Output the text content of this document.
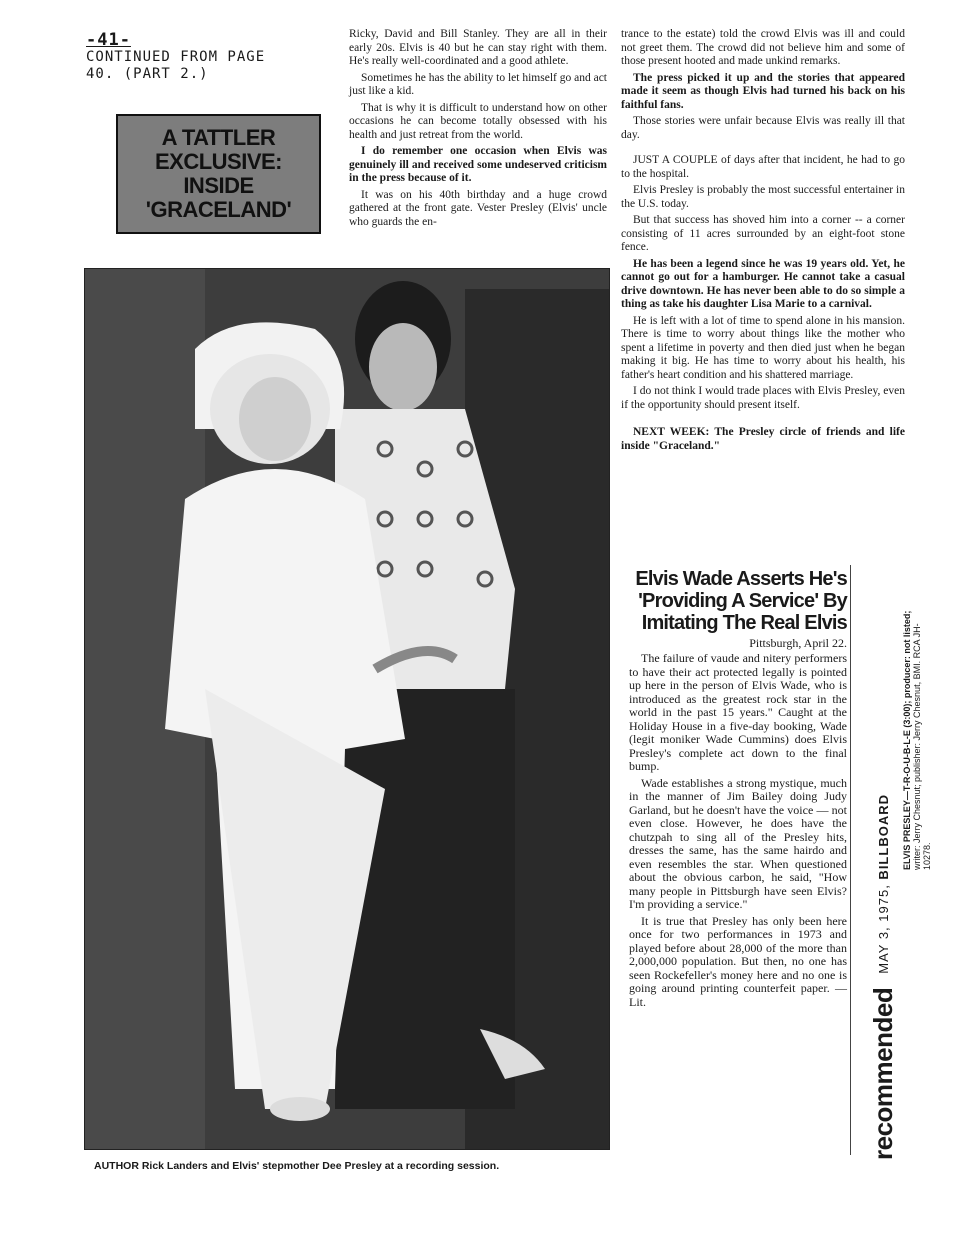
-41-
CONTINUED FROM PAGE
40. (PART 2.)
A TATTLER
EXCLUSIVE:
INSIDE
'GRACELAND'

Ricky, David and Bill Stanley. They are all in their early 20s. Elvis is 40 but he can stay right with them. He's really well-coordinated and a good athlete.

Sometimes he has the ability to let himself go and act just like a kid.

That is why it is difficult to understand how on other occasions he can become totally obsessed with his health and just retreat from the world.

I do remember one occasion when Elvis was genuinely ill and received some undeserved criticism in the press because of it.

It was on his 40th birthday and a huge crowd gathered at the front gate. Vester Presley (Elvis' uncle who guards the en-

trance to the estate) told the crowd Elvis was ill and could not greet them. The crowd did not believe him and some of those present hooted and made unkind remarks.

The press picked it up and the stories that appeared made it seem as though Elvis had turned his back on his faithful fans.

Those stories were unfair because Elvis was really ill that day.

JUST A COUPLE of days after that incident, he had to go to the hospital.

Elvis Presley is probably the most successful entertainer in the U.S. today.

But that success has shoved him into a corner -- a corner consisting of 11 acres surrounded by an eight-foot stone fence.

He has been a legend since he was 19 years old. Yet, he cannot go out for a hamburger. He cannot take a casual drive downtown. He has never been able to do so simple a thing as take his daughter Lisa Marie to a carnival.

He is left with a lot of time to spend alone in his mansion. There is time to worry about things like the mother who spent a lifetime in poverty and then died just when he began making it big. He has time to worry about his health, his father's heart condition and his shattered marriage.

I do not think I would trade places with Elvis Presley, even if the opportunity should present itself.

NEXT WEEK: The Presley circle of friends and life inside "Graceland."

AUTHOR Rick Landers and Elvis' stepmother Dee Presley at a recording session.
Elvis Wade Asserts He's
'Providing A Service' By
Imitating The Real Elvis
Pittsburgh, April 22.

The failure of vaude and nitery performers to have their act protected legally is pointed up here in the person of Elvis Wade, who is introduced as the greatest rock star in the world in the past 15 years." Caught at the Holiday House in a five-day booking, Wade (legit moniker Wade Cummins) does Elvis Presley's complete act down to the final bump.

Wade establishes a strong mystique, much in the manner of Jim Bailey doing Judy Garland, but he doesn't have the voice — not even close. However, he does have the chutzpah to sing all of the Presley hits, dresses the same, has the same hairdo and even resembles the star. When questioned about the obvious carbon, he said, "How many people in Pittsburgh have seen Elvis? I'm providing a service."

It is true that Presley has only been here once for two performances in 1973 and played before about 28,000 of the more than 2,000,000 population. But then, no one has seen Rockefeller's money here and no one is going around printing counterfeit paper. —Lit.	recommended MAY 3, 1975, BILLBOARD	ELVIS PRESLEY—T-R-O-U-B-L-E (3:00); producer: not listed; writer: Jerry Chesnut; publisher: Jerry Chesnut, BMI. RCA JH- 10278.
